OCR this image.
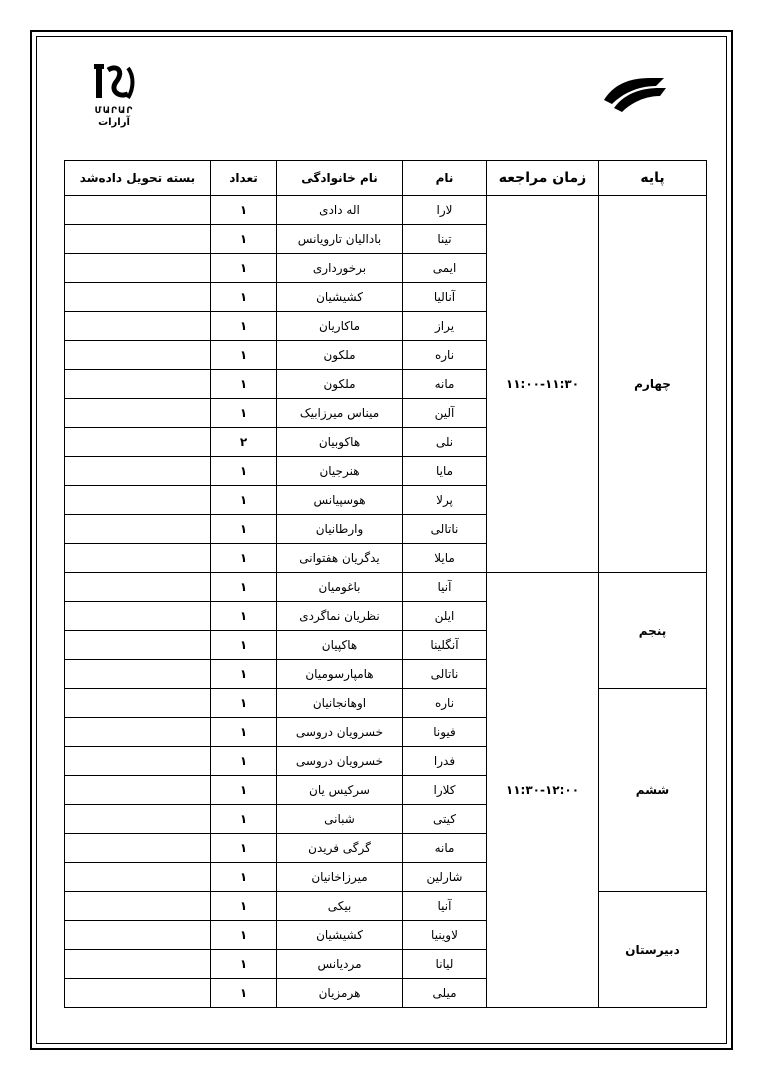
ՄԱՐԱՐ
آرارات
پایه	زمان مراجعه	نام	نام خانوادگی	تعداد	بسته تحویل داده‌شد
چهارم	۱۱:۰۰-۱۱:۳۰	لارا	اله دادی	۱	
		تینا	بادالیان تارویانس	۱	
		ایمی	برخورداری	۱	
		آنالیا	کشیشیان	۱	
		یراز	ماکاریان	۱	
		ناره	ملکون	۱	
		مانه	ملکون	۱	
		آلین	میناس میرزابیک	۱	
		نلی	هاکوبیان	۲	
		مایا	هنرجیان	۱	
		پرلا	هوسپیانس	۱	
		ناتالی	وارطانیان	۱	
		مایلا	یدگریان هفتوانی	۱	
پنجم	۱۱:۳۰-۱۲:۰۰	آنیا	باغومیان	۱	
		ایلن	نظریان نماگردی	۱	
		آنگلینا	هاکپیان	۱	
		ناتالی	هامپارسومیان	۱	
ششم		ناره	اوهانجانیان	۱	
		فیونا	خسرویان دروسی	۱	
		فدرا	خسرویان دروسی	۱	
		کلارا	سرکیس یان	۱	
		کیتی	شبانی	۱	
		مانه	گرگی فریدن	۱	
		شارلین	میرزاخانیان	۱	
دبیرستان		آنیا	بیکی	۱	
		لاوینیا	کشیشیان	۱	
		لیانا	مردیانس	۱	
		میلی	هرمزیان	۱	
